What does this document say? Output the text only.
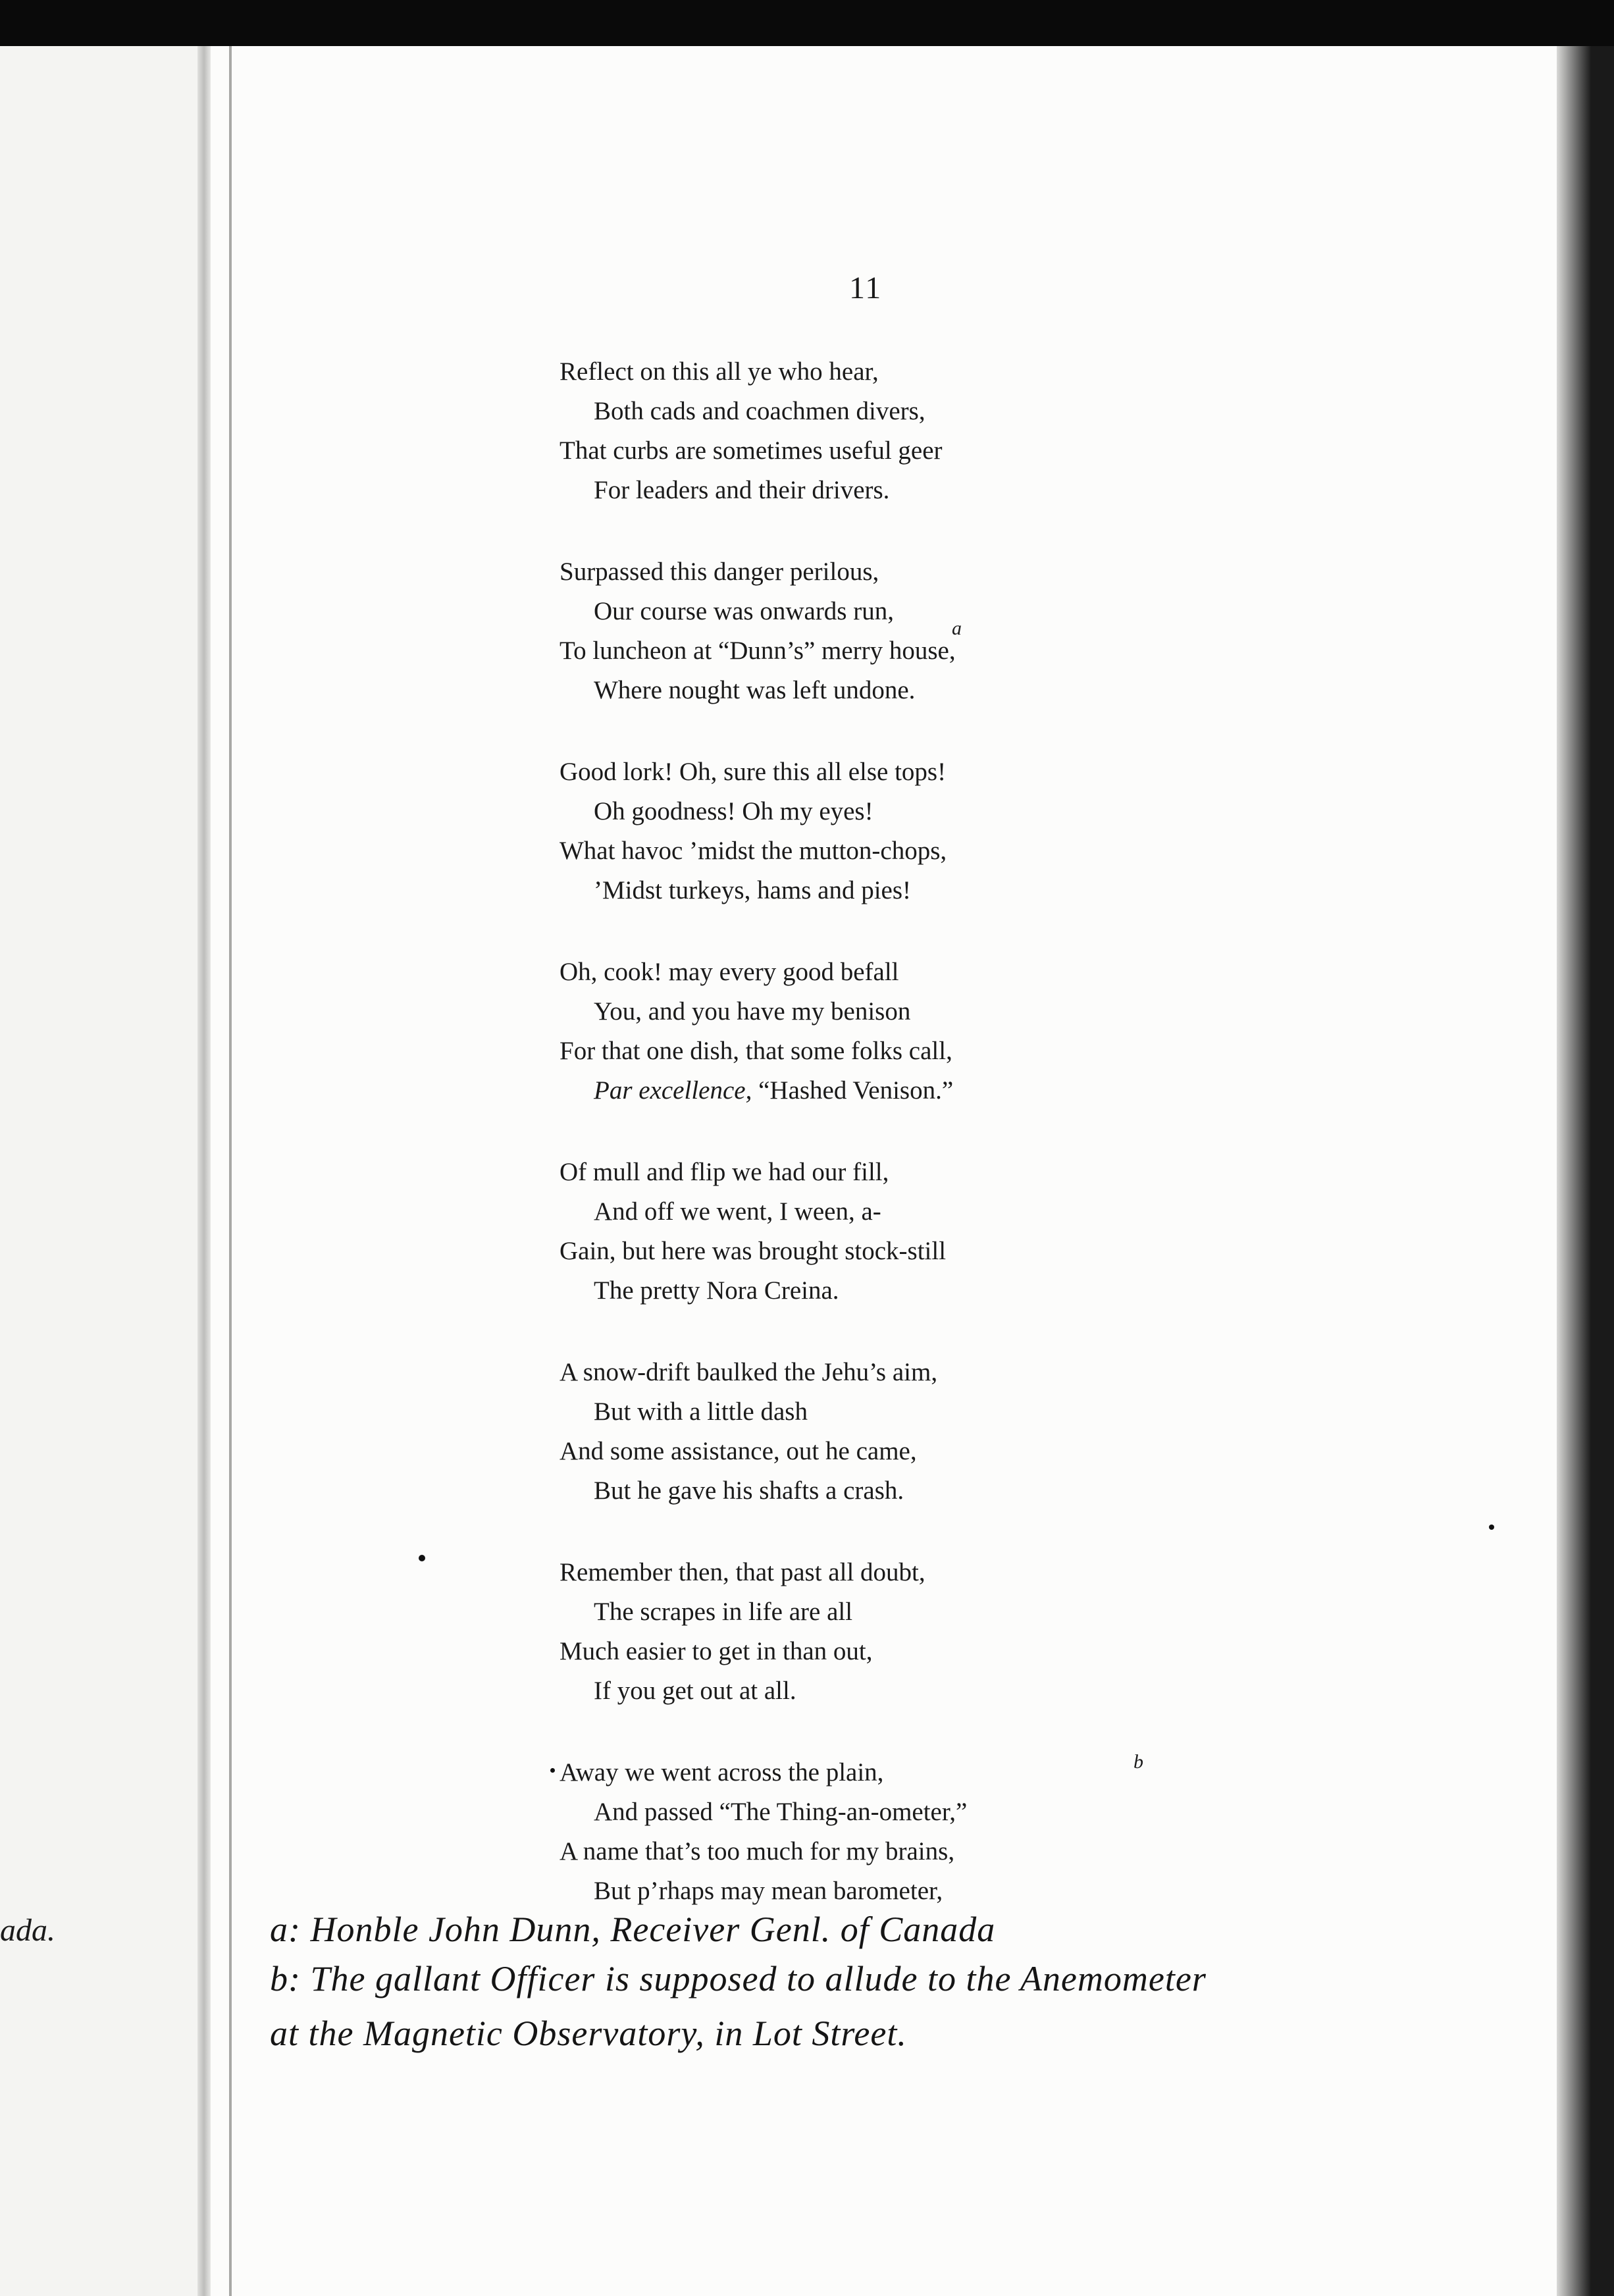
ada.
11
Reflect on this all ye who hear,
Both cads and coachmen divers,
That curbs are sometimes useful geer
For leaders and their drivers.
Surpassed this danger perilous,
Our course was onwards run,
To luncheon at “Dunn’s” merry house,
Where nought was left undone.
Good lork! Oh, sure this all else tops!
Oh goodness! Oh my eyes!
What havoc ’midst the mutton-chops,
’Midst turkeys, hams and pies!
Oh, cook! may every good befall
You, and you have my benison
For that one dish, that some folks call,
Par excellence, “Hashed Venison.”
Of mull and flip we had our fill,
And off we went, I ween, a-
Gain, but here was brought stock-still
The pretty Nora Creina.
A snow-drift baulked the Jehu’s aim,
But with a little dash
And some assistance, out he came,
But he gave his shafts a crash.
Remember then, that past all doubt,
The scrapes in life are all
Much easier to get in than out,
If you get out at all.
Away we went across the plain,
And passed “The Thing-an-ometer,”
A name that’s too much for my brains,
But p’rhaps may mean barometer,
a
b
a: Honble John Dunn, Receiver Genl. of Canada
b: The gallant Officer is supposed to allude to the Anemometer
at the Magnetic Observatory, in Lot Street.
